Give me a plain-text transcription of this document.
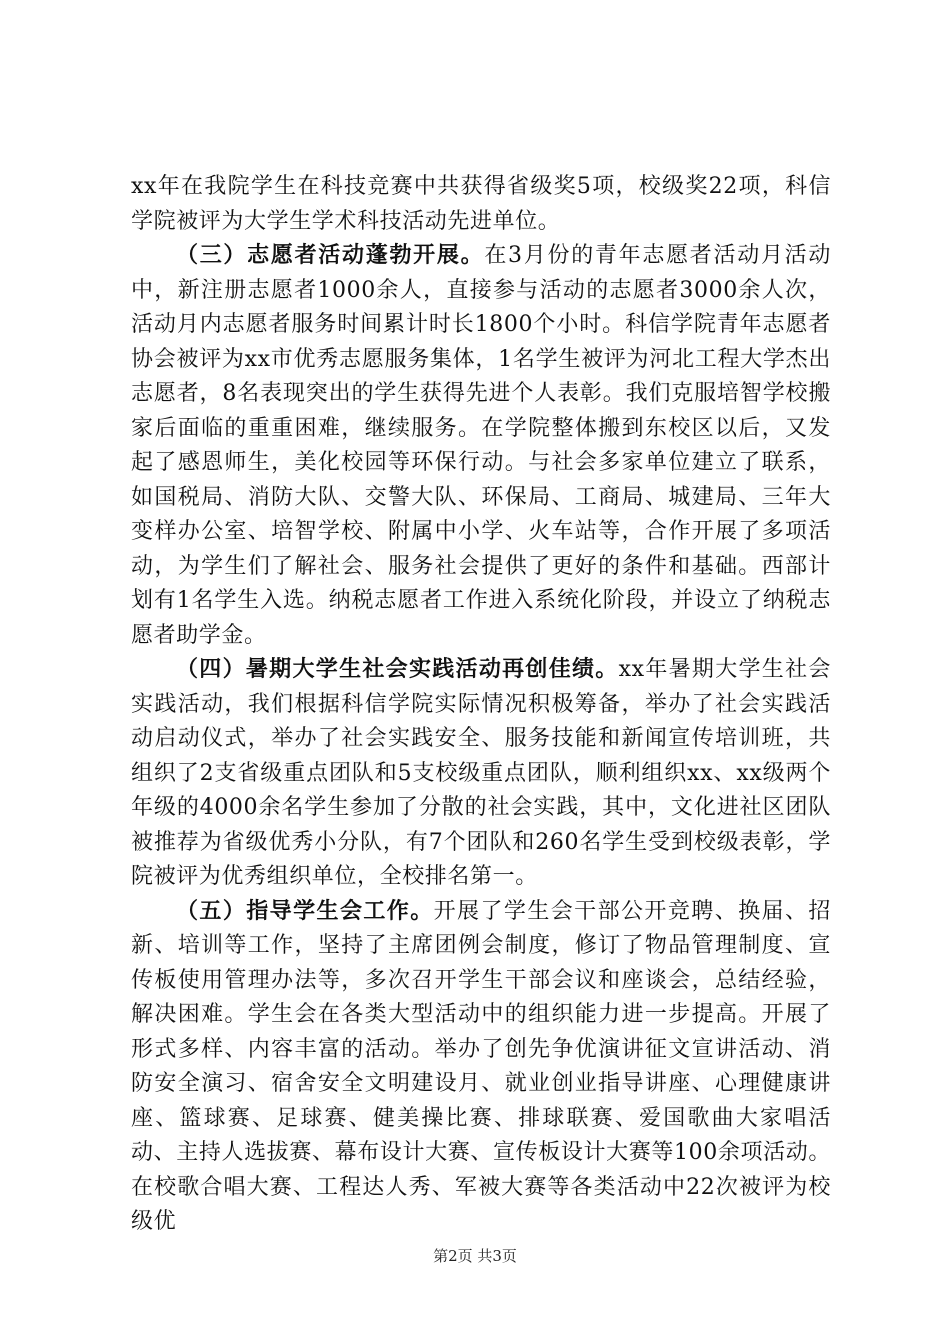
xx年在我院学生在科技竞赛中共获得省级奖5项，校级奖22项，科信学院被评为大学生学术科技活动先进单位。

（三）志愿者活动蓬勃开展。在3月份的青年志愿者活动月活动中，新注册志愿者1000余人，直接参与活动的志愿者3000余人次，活动月内志愿者服务时间累计时长1800个小时。科信学院青年志愿者协会被评为xx市优秀志愿服务集体，1名学生被评为河北工程大学杰出志愿者，8名表现突出的学生获得先进个人表彰。我们克服培智学校搬家后面临的重重困难，继续服务。在学院整体搬到东校区以后，又发起了感恩师生，美化校园等环保行动。与社会多家单位建立了联系，如国税局、消防大队、交警大队、环保局、工商局、城建局、三年大变样办公室、培智学校、附属中小学、火车站等，合作开展了多项活动，为学生们了解社会、服务社会提供了更好的条件和基础。西部计划有1名学生入选。纳税志愿者工作进入系统化阶段，并设立了纳税志愿者助学金。

（四）暑期大学生社会实践活动再创佳绩。xx年暑期大学生社会实践活动，我们根据科信学院实际情况积极筹备，举办了社会实践活动启动仪式，举办了社会实践安全、服务技能和新闻宣传培训班，共组织了2支省级重点团队和5支校级重点团队，顺利组织xx、xx级两个年级的4000余名学生参加了分散的社会实践，其中，文化进社区团队被推荐为省级优秀小分队，有7个团队和260名学生受到校级表彰，学院被评为优秀组织单位，全校排名第一。

（五）指导学生会工作。开展了学生会干部公开竞聘、换届、招新、培训等工作，坚持了主席团例会制度，修订了物品管理制度、宣传板使用管理办法等，多次召开学生干部会议和座谈会，总结经验，解决困难。学生会在各类大型活动中的组织能力进一步提高。开展了形式多样、内容丰富的活动。举办了创先争优演讲征文宣讲活动、消防安全演习、宿舍安全文明建设月、就业创业指导讲座、心理健康讲座、篮球赛、足球赛、健美操比赛、排球联赛、爱国歌曲大家唱活动、主持人选拔赛、幕布设计大赛、宣传板设计大赛等100余项活动。在校歌合唱大赛、工程达人秀、军被大赛等各类活动中22次被评为校级优

第2页 共3页
